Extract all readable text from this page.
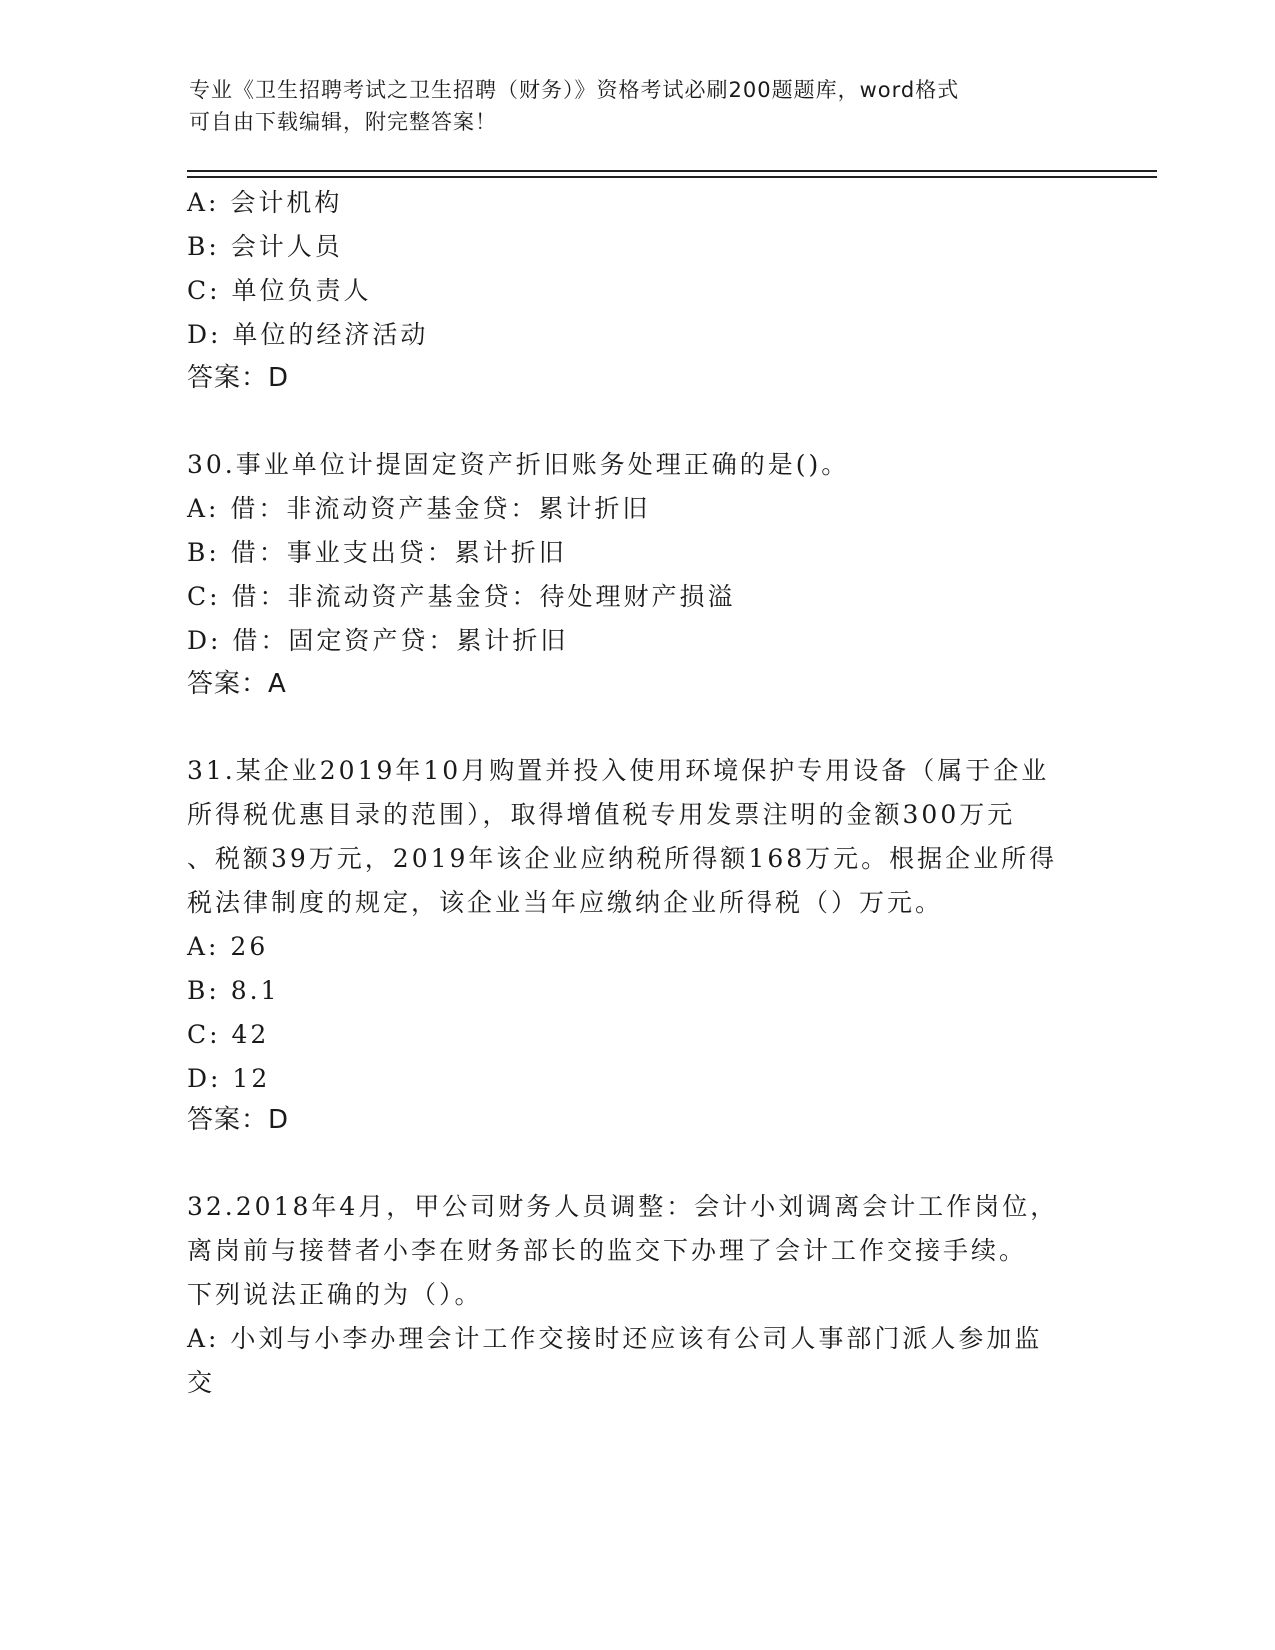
专业《卫生招聘考试之卫生招聘（财务）》资格考试必刷200题题库，word格式
可自由下载编辑，附完整答案！
A: 会计机构
B: 会计人员
C: 单位负责人
D: 单位的经济活动
答案：D
30.事业单位计提固定资产折旧账务处理正确的是()。
A: 借：非流动资产基金贷：累计折旧
B: 借：事业支出贷：累计折旧
C: 借：非流动资产基金贷：待处理财产损溢
D: 借：固定资产贷：累计折旧
答案：A
31.某企业2019年10月购置并投入使用环境保护专用设备（属于企业
所得税优惠目录的范围），取得增值税专用发票注明的金额300万元
、税额39万元，2019年该企业应纳税所得额168万元。根据企业所得
税法律制度的规定，该企业当年应缴纳企业所得税（）万元。
A: 26
B: 8.1
C: 42
D: 12
答案：D
32.2018年4月，甲公司财务人员调整：会计小刘调离会计工作岗位，
离岗前与接替者小李在财务部长的监交下办理了会计工作交接手续。
下列说法正确的为（）。
A: 小刘与小李办理会计工作交接时还应该有公司人事部门派人参加监
交
